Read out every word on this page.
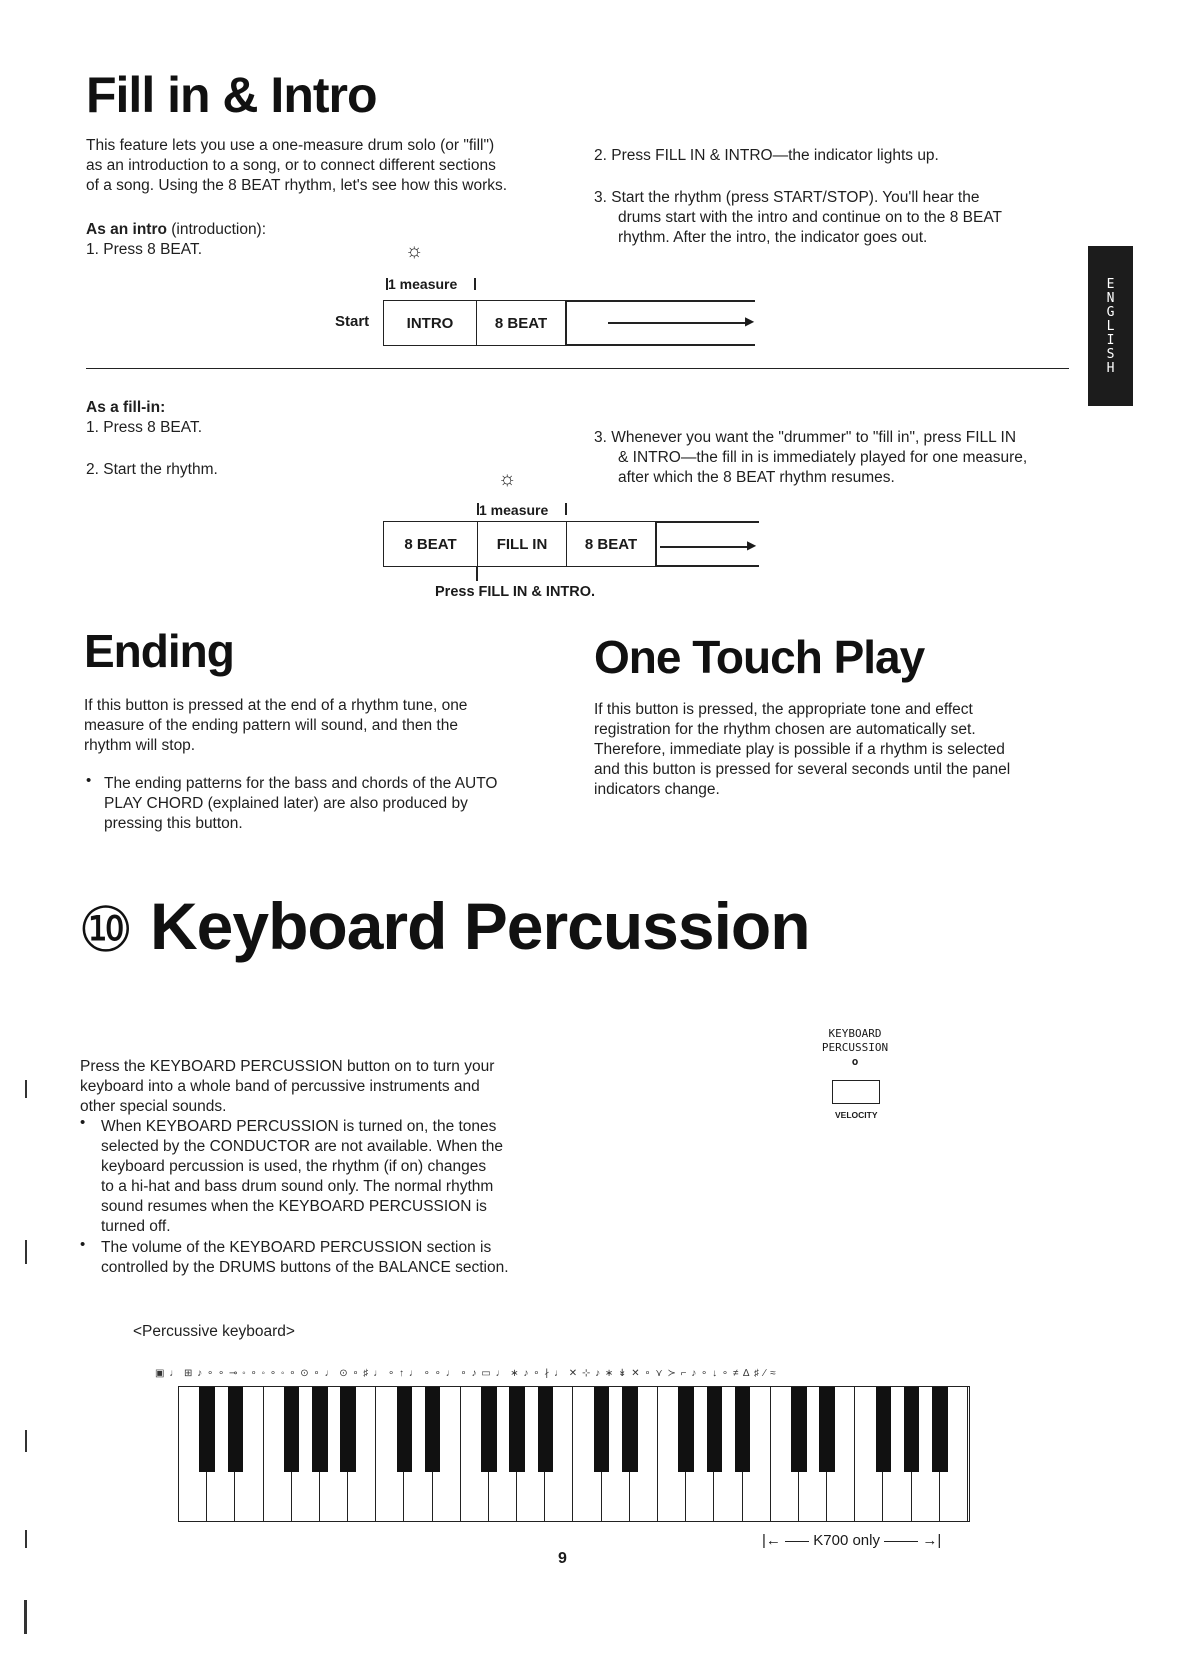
ENGLISH
Fill in & Intro
This feature lets you use a one-measure drum solo (or "fill")
as an introduction to a song, or to connect different sections
of a song. Using the 8 BEAT rhythm, let's see how this works.
As an intro (introduction):
1. Press 8 BEAT.
2. Press FILL IN & INTRO—the indicator lights up.
3. Start the rhythm (press START/STOP). You'll hear the
drums start with the intro and continue on to the 8 BEAT
rhythm. After the intro, the indicator goes out.
☼
1 measure
Start	INTRO	8 BEAT	▶
As a fill-in:
1. Press 8 BEAT.
2. Start the rhythm.
3. Whenever you want the "drummer" to "fill in", press FILL IN
& INTRO—the fill in is immediately played for one measure,
after which the 8 BEAT rhythm resumes.
☼
1 measure
8 BEAT	FILL IN	8 BEAT	▶
Press FILL IN & INTRO.
Ending
If this button is pressed at the end of a rhythm tune, one
measure of the ending pattern will sound, and then the
rhythm will stop.
• The ending patterns for the bass and chords of the AUTO
PLAY CHORD (explained later) are also produced by
pressing this button.
One Touch Play
If this button is pressed, the appropriate tone and effect
registration for the rhythm chosen are automatically set.
Therefore, immediate play is possible if a rhythm is selected
and this button is pressed for several seconds until the panel
indicators change.
⑩ Keyboard Percussion
Press the KEYBOARD PERCUSSION button on to turn your
keyboard into a whole band of percussive instruments and
other special sounds.
• When KEYBOARD PERCUSSION is turned on, the tones
selected by the CONDUCTOR are not available. When the
keyboard percussion is used, the rhythm (if on) changes
to a hi-hat and bass drum sound only. The normal rhythm
sound resumes when the KEYBOARD PERCUSSION is
turned off.
• The volume of the KEYBOARD PERCUSSION section is
controlled by the DRUMS buttons of the BALANCE section.
KEYBOARD
PERCUSSION
o
VELOCITY
<Percussive keyboard>
▣ ♩ ⊞ ♪ ∘ ∘ ⊸ ◦ ∘ ◦ ∘ ◦ ∘ ⊙ ∘ ♩ ⊙ ∘ ♯ ♩ ∘ ↑ ♩ ∘ ∘ ♩ ∘ ♪ ▭ ♩ ∗ ♪ ∘ ∤ ♩ ✕ ⊹ ♪ ∗ ↡ ✕ ∘ ⋎ ≻ ⌐ ♪ ∘ ↓ ∘ ≠ ∆ ♯ ∕ ≈
|← K700 only	→|
9
